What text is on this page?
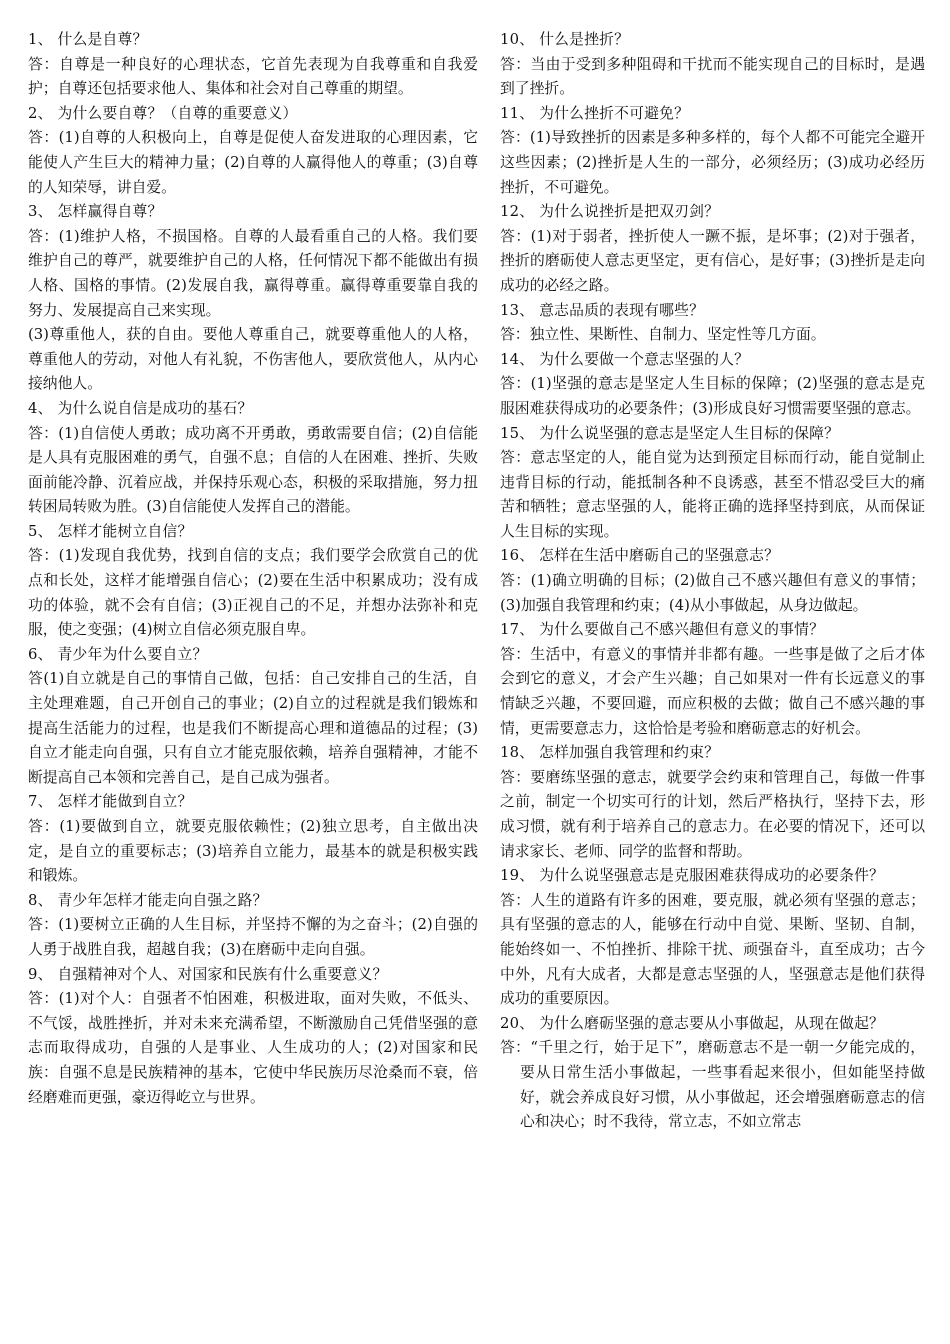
1、 什么是自尊？

答：自尊是一种良好的心理状态，它首先表现为自我尊重和自我爱护；自尊还包括要求他人、集体和社会对自己尊重的期望。

2、 为什么要自尊？（自尊的重要意义）

答：(1)自尊的人积极向上，自尊是促使人奋发进取的心理因素，它能使人产生巨大的精神力量；(2)自尊的人赢得他人的尊重；(3)自尊的人知荣辱，讲自爱。

3、 怎样赢得自尊？

答：(1)维护人格，不损国格。自尊的人最看重自己的人格。我们要维护自己的尊严，就要维护自己的人格，任何情况下都不能做出有损人格、国格的事情。(2)发展自我，赢得尊重。赢得尊重要靠自我的努力、发展提高自己来实现。

(3)尊重他人，获的自由。要他人尊重自己，就要尊重他人的人格，尊重他人的劳动，对他人有礼貌，不伤害他人，要欣赏他人，从内心接纳他人。

4、 为什么说自信是成功的基石？

答：(1)自信使人勇敢；成功离不开勇敢，勇敢需要自信；(2)自信能是人具有克服困难的勇气，自强不息；自信的人在困难、挫折、失败面前能冷静、沉着应战，并保持乐观心态，积极的采取措施，努力扭转困局转败为胜。(3)自信能使人发挥自己的潜能。

5、 怎样才能树立自信？

答：(1)发现自我优势，找到自信的支点；我们要学会欣赏自己的优点和长处，这样才能增强自信心；(2)要在生活中积累成功；没有成功的体验，就不会有自信；(3)正视自己的不足，并想办法弥补和克服，使之变强；(4)树立自信必须克服自卑。

6、 青少年为什么要自立？

答(1)自立就是自己的事情自己做，包括：自己安排自己的生活，自主处理难题，自己开创自己的事业；(2)自立的过程就是我们锻炼和提高生活能力的过程，也是我们不断提高心理和道德品的过程；(3)自立才能走向自强，只有自立才能克服依赖，培养自强精神，才能不断提高自己本领和完善自己，是自己成为强者。

7、 怎样才能做到自立？

答：(1)要做到自立，就要克服依赖性；(2)独立思考，自主做出决定，是自立的重要标志；(3)培养自立能力，最基本的就是积极实践和锻炼。

8、 青少年怎样才能走向自强之路？

答：(1)要树立正确的人生目标，并坚持不懈的为之奋斗；(2)自强的人勇于战胜自我，超越自我；(3)在磨砺中走向自强。

9、 自强精神对个人、对国家和民族有什么重要意义？

答：(1)对个人：自强者不怕困难，积极进取，面对失败，不低头、不气馁，战胜挫折，并对未来充满希望，不断激励自己凭借坚强的意志而取得成功，自强的人是事业、人生成功的人；(2)对国家和民族：自强不息是民族精神的基本，它使中华民族历尽沧桑而不衰，倍经磨难而更强，豪迈得屹立与世界。

10、 什么是挫折？

答：当由于受到多种阻碍和干扰而不能实现自己的目标时，是遇到了挫折。

11、 为什么挫折不可避免？

答：(1)导致挫折的因素是多种多样的，每个人都不可能完全避开这些因素；(2)挫折是人生的一部分，必须经历；(3)成功必经历挫折，不可避免。

12、 为什么说挫折是把双刃剑？

答：(1)对于弱者，挫折使人一蹶不振，是坏事；(2)对于强者，挫折的磨砺使人意志更坚定，更有信心，是好事；(3)挫折是走向成功的必经之路。

13、 意志品质的表现有哪些？

答：独立性、果断性、自制力、坚定性等几方面。

14、 为什么要做一个意志坚强的人？

答：(1)坚强的意志是坚定人生目标的保障；(2)坚强的意志是克服困难获得成功的必要条件；(3)形成良好习惯需要坚强的意志。

15、 为什么说坚强的意志是坚定人生目标的保障？

答：意志坚定的人，能自觉为达到预定目标而行动，能自觉制止违背目标的行动，能抵制各种不良诱惑，甚至不惜忍受巨大的痛苦和牺牲；意志坚强的人，能将正确的选择坚持到底，从而保证人生目标的实现。

16、 怎样在生活中磨砺自己的坚强意志？

答：(1)确立明确的目标；(2)做自己不感兴趣但有意义的事情；(3)加强自我管理和约束；(4)从小事做起，从身边做起。

17、 为什么要做自己不感兴趣但有意义的事情？

答：生活中，有意义的事情并非都有趣。一些事是做了之后才体会到它的意义，才会产生兴趣；自己如果对一件有长远意义的事情缺乏兴趣，不要回避，而应积极的去做；做自己不感兴趣的事情，更需要意志力，这恰恰是考验和磨砺意志的好机会。

18、 怎样加强自我管理和约束？

答：要磨练坚强的意志，就要学会约束和管理自己，每做一件事之前，制定一个切实可行的计划，然后严格执行，坚持下去，形成习惯，就有利于培养自己的意志力。在必要的情况下，还可以请求家长、老师、同学的监督和帮助。

19、 为什么说坚强意志是克服困难获得成功的必要条件？

答：人生的道路有许多的困难，要克服，就必须有坚强的意志；具有坚强的意志的人，能够在行动中自觉、果断、坚韧、自制，能始终如一、不怕挫折、排除干扰、顽强奋斗，直至成功；古今中外，凡有大成者，大都是意志坚强的人，坚强意志是他们获得成功的重要原因。

20、 为什么磨砺坚强的意志要从小事做起，从现在做起？

答：“千里之行，始于足下”，磨砺意志不是一朝一夕能完成的，要从日常生活小事做起，一些事看起来很小，但如能坚持做好，就会养成良好习惯，从小事做起，还会增强磨砺意志的信心和决心；时不我待，常立志，不如立常志
